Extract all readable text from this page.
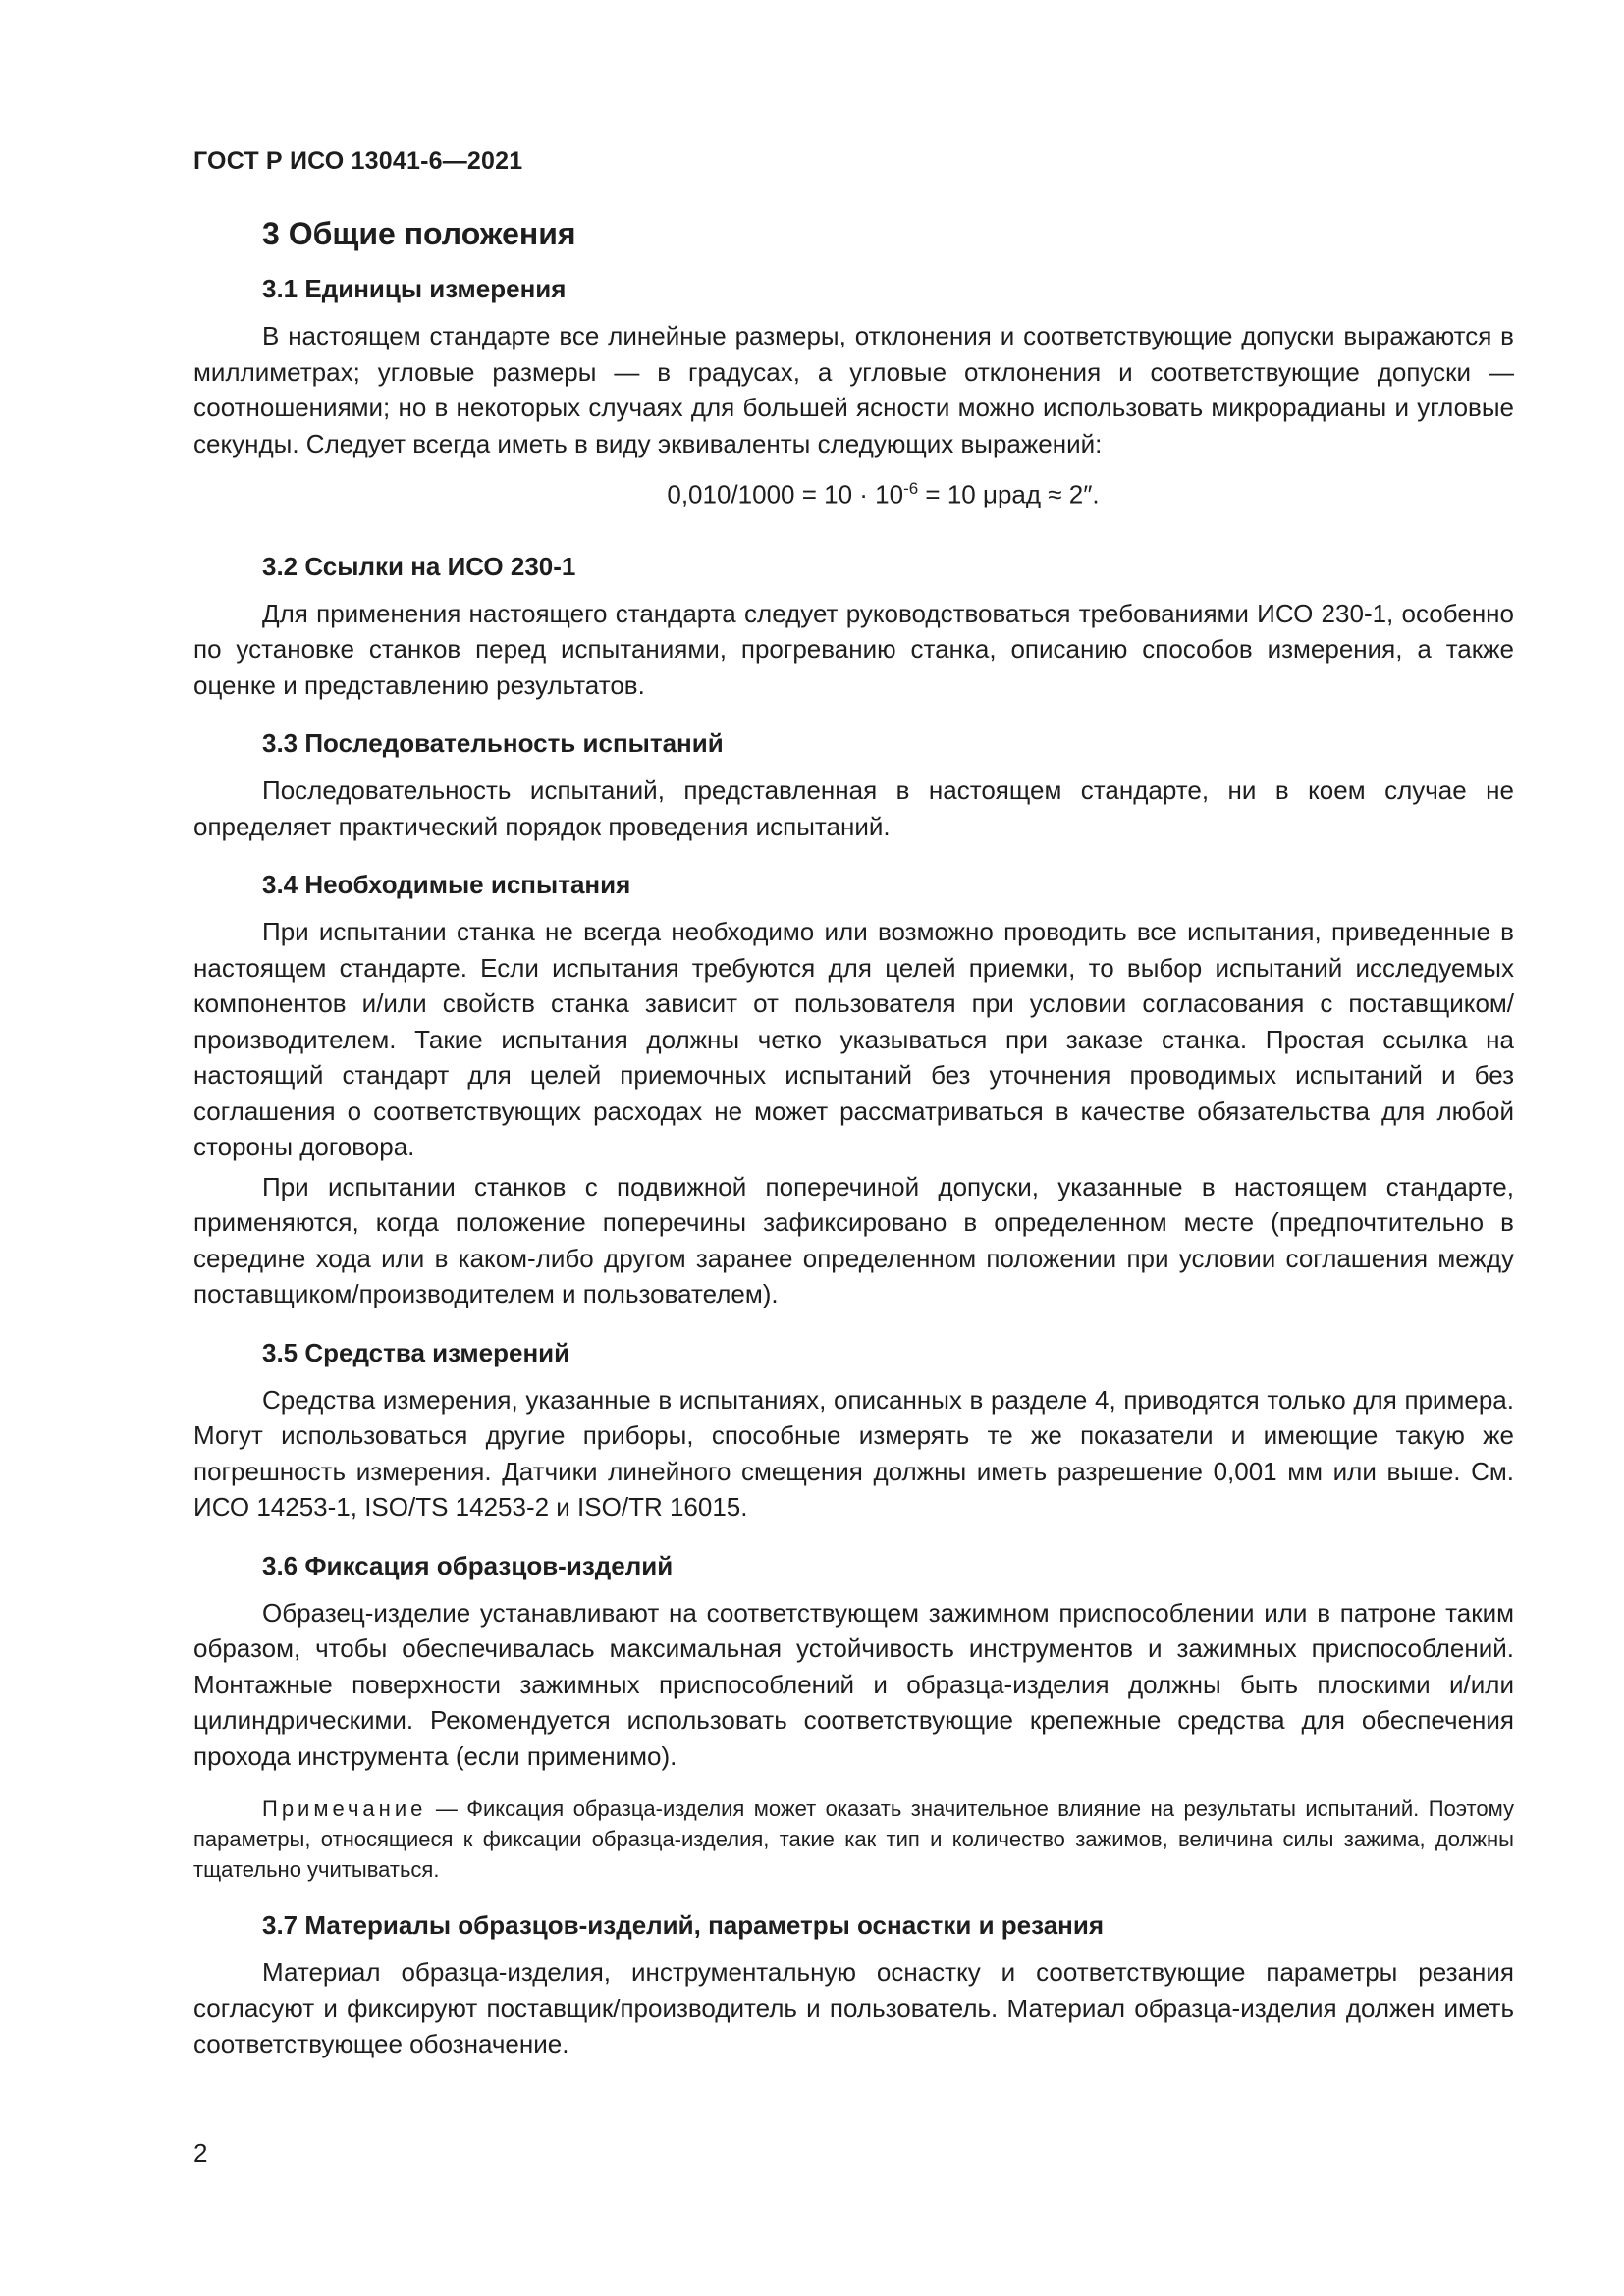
ГОСТ Р ИСО 13041-6—2021
3 Общие положения
3.1 Единицы измерения

В настоящем стандарте все линейные размеры, отклонения и соответствующие допуски выражаются в миллиметрах; угловые размеры — в градусах, а угловые отклонения и соответствующие допуски — соотношениями; но в некоторых случаях для большей ясности можно использовать микрорадианы и угловые секунды. Следует всегда иметь в виду эквиваленты следующих выражений:

$0,010/1000 = 10 \cdot 10^{-6} = 10$ μрад ≈ 2″.
3.2 Ссылки на ИСО 230-1

Для применения настоящего стандарта следует руководствоваться требованиями ИСО 230-1, особенно по установке станков перед испытаниями, прогреванию станка, описанию способов измерения, а также оценке и представлению результатов.

3.3 Последовательность испытаний

Последовательность испытаний, представленная в настоящем стандарте, ни в коем случае не определяет практический порядок проведения испытаний.

3.4 Необходимые испытания

При испытании станка не всегда необходимо или возможно проводить все испытания, приведенные в настоящем стандарте. Если испытания требуются для целей приемки, то выбор испытаний исследуемых компонентов и/или свойств станка зависит от пользователя при условии согласования с поставщиком/производителем. Такие испытания должны четко указываться при заказе станка. Простая ссылка на настоящий стандарт для целей приемочных испытаний без уточнения проводимых испытаний и без соглашения о соответствующих расходах не может рассматриваться в качестве обязательства для любой стороны договора.

При испытании станков с подвижной поперечиной допуски, указанные в настоящем стандарте, применяются, когда положение поперечины зафиксировано в определенном месте (предпочтительно в середине хода или в каком-либо другом заранее определенном положении при условии соглашения между поставщиком/производителем и пользователем).

3.5 Средства измерений

Средства измерения, указанные в испытаниях, описанных в разделе 4, приводятся только для примера. Могут использоваться другие приборы, способные измерять те же показатели и имеющие такую же погрешность измерения. Датчики линейного смещения должны иметь разрешение 0,001 мм или выше. См. ИСО 14253-1, ISO/TS 14253-2 и ISO/TR 16015.

3.6 Фиксация образцов-изделий

Образец-изделие устанавливают на соответствующем зажимном приспособлении или в патроне таким образом, чтобы обеспечивалась максимальная устойчивость инструментов и зажимных приспособлений. Монтажные поверхности зажимных приспособлений и образца-изделия должны быть плоскими и/или цилиндрическими. Рекомендуется использовать соответствующие крепежные средства для обеспечения прохода инструмента (если применимо).

Примечание — Фиксация образца-изделия может оказать значительное влияние на результаты испытаний. Поэтому параметры, относящиеся к фиксации образца-изделия, такие как тип и количество зажимов, величина силы зажима, должны тщательно учитываться.

3.7 Материалы образцов-изделий, параметры оснастки и резания

Материал образца-изделия, инструментальную оснастку и соответствующие параметры резания согласуют и фиксируют поставщик/производитель и пользователь. Материал образца-изделия должен иметь соответствующее обозначение.

2
